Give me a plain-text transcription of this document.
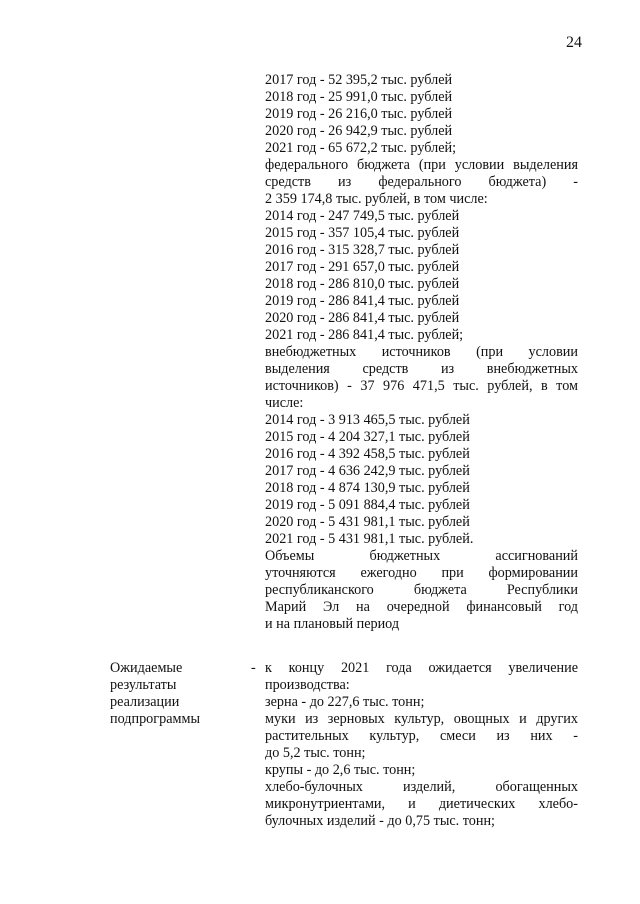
24
2017 год - 52 395,2 тыс. рублей
2018 год - 25 991,0 тыс. рублей
2019 год - 26 216,0 тыс. рублей
2020 год - 26 942,9 тыс. рублей
2021 год - 65 672,2 тыс. рублей;
федерального бюджета (при условии выделения
средств из федерального бюджета) -
2 359 174,8 тыс. рублей, в том числе:
2014 год - 247 749,5 тыс. рублей
2015 год - 357 105,4 тыс. рублей
2016 год - 315 328,7 тыс. рублей
2017 год - 291 657,0 тыс. рублей
2018 год - 286 810,0 тыс. рублей
2019 год - 286 841,4 тыс. рублей
2020 год - 286 841,4 тыс. рублей
2021 год - 286 841,4 тыс. рублей;
внебюджетных источников (при условии
выделения средств из внебюджетных
источников) - 37 976 471,5 тыс. рублей, в том
числе:
2014 год - 3 913 465,5 тыс. рублей
2015 год - 4 204 327,1 тыс. рублей
2016 год - 4 392 458,5 тыс. рублей
2017 год - 4 636 242,9 тыс. рублей
2018 год - 4 874 130,9 тыс. рублей
2019 год - 5 091 884,4 тыс. рублей
2020 год - 5 431 981,1 тыс. рублей
2021 год - 5 431 981,1 тыс. рублей.
Объемы бюджетных ассигнований
уточняются ежегодно при формировании
республиканского бюджета Республики
Марий Эл на очередной финансовый год
и на плановый период
Ожидаемые
результаты
реализации
подпрограммы
- к концу 2021 года ожидается увеличение
производства:
зерна - до 227,6 тыс. тонн;
муки из зерновых культур, овощных и других
растительных культур, смеси из них -
до 5,2 тыс. тонн;
крупы - до 2,6 тыс. тонн;
хлебо-булочных изделий, обогащенных
микронутриентами, и диетических хлебо-
булочных изделий - до 0,75 тыс. тонн;
